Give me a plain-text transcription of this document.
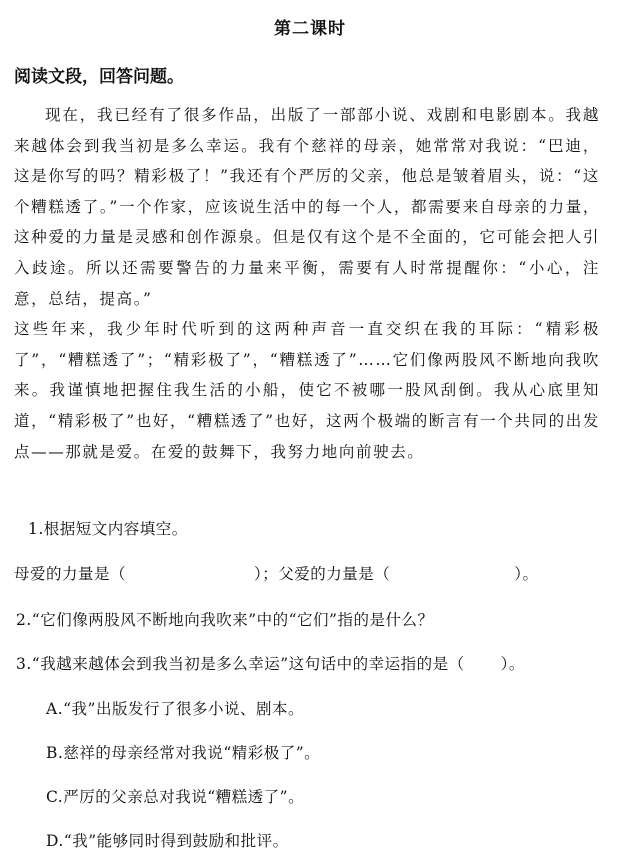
第二课时
阅读文段，回答问题。

现在，我已经有了很多作品，出版了一部部小说、戏剧和电影剧本。我越来越体会到我当初是多么幸运。我有个慈祥的母亲，她常常对我说：“巴迪，这是你写的吗？精彩极了！”我还有个严厉的父亲，他总是皱着眉头，说：“这个糟糕透了。”一个作家，应该说生活中的每一个人，都需要来自母亲的力量，这种爱的力量是灵感和创作源泉。但是仅有这个是不全面的，它可能会把人引入歧途。所以还需要警告的力量来平衡，需要有人时常提醒你：“小心，注意，总结，提高。”

这些年来，我少年时代听到的这两种声音一直交织在我的耳际：“精彩极了”，“糟糕透了”；“精彩极了”，“糟糕透了”……它们像两股风不断地向我吹来。我谨慎地把握住我生活的小船，使它不被哪一股风刮倒。我从心底里知道，“精彩极了”也好，“糟糕透了”也好，这两个极端的断言有一个共同的出发点——那就是爱。在爱的鼓舞下，我努力地向前驶去。

1.根据短文内容填空。
母爱的力量是（	）；父爱的力量是（	）。
2.“它们像两股风不断地向我吹来”中的“它们”指的是什么？
3.“我越来越体会到我当初是多么幸运”这句话中的幸运指的是（ ）。
A.“我”出版发行了很多小说、剧本。
B.慈祥的母亲经常对我说“精彩极了”。
C.严厉的父亲总对我说“糟糕透了”。
D.“我”能够同时得到鼓励和批评。
